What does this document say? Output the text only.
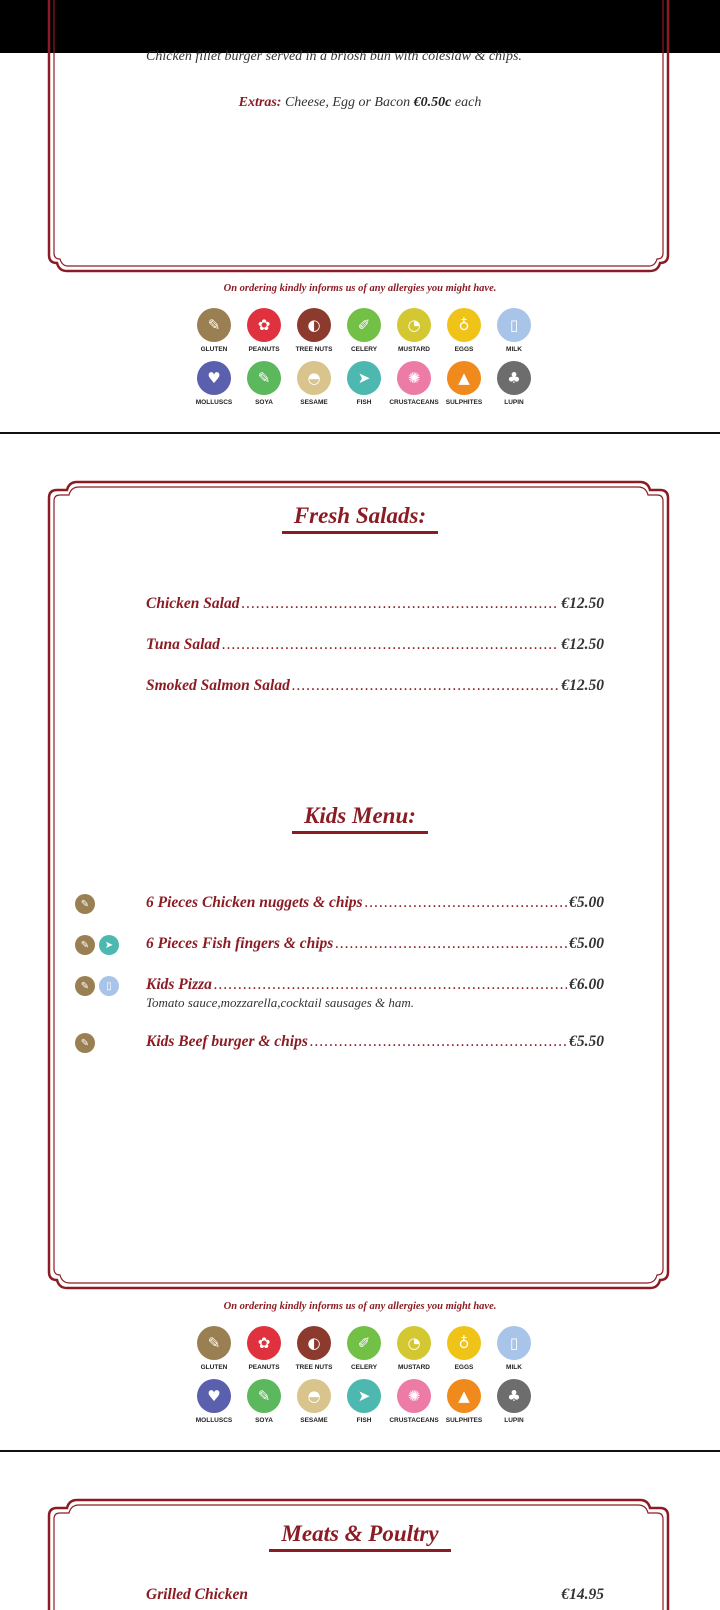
Chicken fillet burger served in a briosh bun with coleslaw & chips.
Extras: Cheese, Egg or Bacon €0.50c each
On ordering kindly informs us of any allergies you might have.
✎
GLUTEN
✿
PEANUTS
◐
TREE NUTS
✐
CELERY
◔
MUSTARD
♁
EGGS
▯
MILK
♥
MOLLUSCS
✎
SOYA
◓
SESAME
➤
FISH
✺
CRUSTACEANS
▲
SULPHITES
♣
LUPIN
Fresh Salads:
Chicken Salad .....	€12.50
Tuna Salad .....	€12.50
Smoked Salmon Salad .....	€12.50
Kids Menu:
✎	6 Pieces Chicken nuggets & chips .....	€5.00
✎	➤	6 Pieces Fish fingers & chips .....	€5.00
✎	▯	Kids Pizza .....	€6.00
Tomato sauce,mozzarella,cocktail sausages & ham.
✎	Kids Beef burger & chips .....	€5.50
On ordering kindly informs us of any allergies you might have.
✎
GLUTEN
✿
PEANUTS
◐
TREE NUTS
✐
CELERY
◔
MUSTARD
♁
EGGS
▯
MILK
♥
MOLLUSCS
✎
SOYA
◓
SESAME
➤
FISH
✺
CRUSTACEANS
▲
SULPHITES
♣
LUPIN
Meats & Poultry
Grilled Chicken	€14.95
